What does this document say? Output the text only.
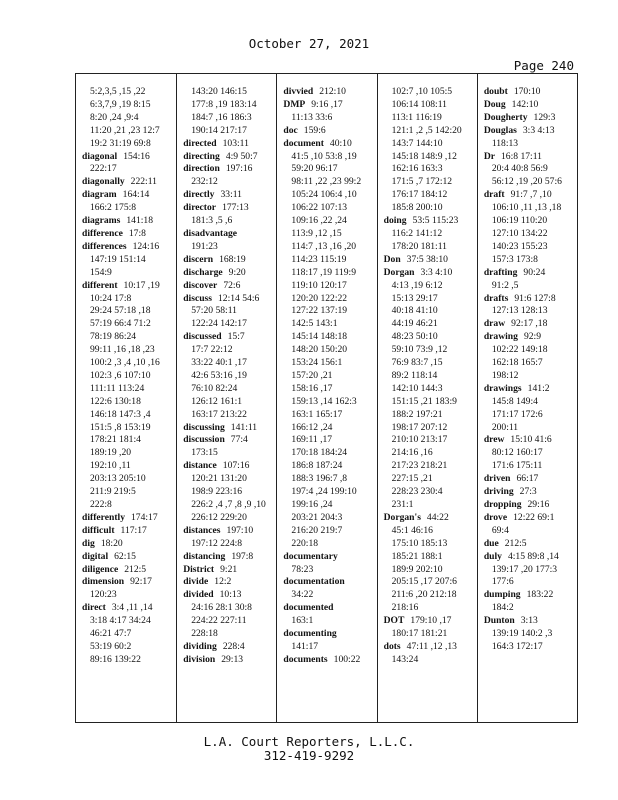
October 27, 2021
Page 240
5:2,3,5 ,15 ,22
6:3,7,9 ,19 8:15
8:20 ,24 ,9:4
11:20 ,21 ,23 12:7
19:2 31:19 69:8
diagonal 154:16
222:17
diagonally 222:11
diagram 164:14
166:2 175:8
diagrams 141:18
difference 17:8
differences 124:16
147:19 151:14
154:9
different 10:17 ,19
10:24 17:8
29:24 57:18 ,18
57:19 66:4 71:2
78:19 86:24
99:11 ,16 ,18 ,23
100:2 ,3 ,4 ,10 ,16
102:3 ,6 107:10
111:11 113:24
122:6 130:18
146:18 147:3 ,4
151:5 ,8 153:19
178:21 181:4
189:19 ,20
192:10 ,11
203:13 205:10
211:9 219:5
222:8
differently 174:17
difficult 117:17
dig 18:20
digital 62:15
diligence 212:5
dimension 92:17
120:23
direct 3:4 ,11 ,14
3:18 4:17 34:24
46:21 47:7
53:19 60:2
89:16 139:22
143:20 146:15
177:8 ,19 183:14
184:7 ,16 186:3
190:14 217:17
directed 103:11
directing 4:9 50:7
direction 197:16
232:12
directly 33:11
director 177:13
181:3 ,5 ,6
disadvantage
191:23
discern 168:19
discharge 9:20
discover 72:6
discuss 12:14 54:6
57:20 58:11
122:24 142:17
discussed 15:7
17:7 22:12
33:22 40:1 ,17
42:6 53:16 ,19
76:10 82:24
126:12 161:1
163:17 213:22
discussing 141:11
discussion 77:4
173:15
distance 107:16
120:21 131:20
198:9 223:16
226:2 ,4 ,7 ,8 ,9 ,10
226:12 229:20
distances 197:10
197:12 224:8
distancing 197:8
District 9:21
divide 12:2
divided 10:13
24:16 28:1 30:8
224:22 227:11
228:18
dividing 228:4
division 29:13
divvied 212:10
DMP 9:16 ,17
11:13 33:6
doc 159:6
document 40:10
41:5 ,10 53:8 ,19
59:20 96:17
98:11 ,22 ,23 99:2
105:24 106:4 ,10
106:22 107:13
109:16 ,22 ,24
113:9 ,12 ,15
114:7 ,13 ,16 ,20
114:23 115:19
118:17 ,19 119:9
119:10 120:17
120:20 122:22
127:22 137:19
142:5 143:1
145:14 148:18
148:20 150:20
153:24 156:1
157:20 ,21
158:16 ,17
159:13 ,14 162:3
163:1 165:17
166:12 ,24
169:11 ,17
170:18 184:24
186:8 187:24
188:3 196:7 ,8
197:4 ,24 199:10
199:16 ,24
203:21 204:3
216:20 219:7
220:18
documentary
78:23
documentation
34:22
documented
163:1
documenting
141:17
documents 100:22
102:7 ,10 105:5
106:14 108:11
113:1 116:19
121:1 ,2 ,5 142:20
143:7 144:10
145:18 148:9 ,12
162:16 163:3
171:5 ,7 172:12
176:17 184:12
185:8 200:10
doing 53:5 115:23
116:2 141:12
178:20 181:11
Don 37:5 38:10
Dorgan 3:3 4:10
4:13 ,19 6:12
15:13 29:17
40:18 41:10
44:19 46:21
48:23 50:10
59:10 73:9 ,12
76:9 83:7 ,15
89:2 118:14
142:10 144:3
151:15 ,21 183:9
188:2 197:21
198:17 207:12
210:10 213:17
214:16 ,16
217:23 218:21
227:15 ,21
228:23 230:4
231:1
Dorgan's 44:22
45:1 46:16
175:10 185:13
185:21 188:1
189:9 202:10
205:15 ,17 207:6
211:6 ,20 212:18
218:16
DOT 179:10 ,17
180:17 181:21
dots 47:11 ,12 ,13
143:24
doubt 170:10
Doug 142:10
Dougherty 129:3
Douglas 3:3 4:13
118:13
Dr 16:8 17:11
20:4 40:8 56:9
56:12 ,19 ,20 57:6
draft 91:7 ,7 ,10
106:10 ,11 ,13 ,18
106:19 110:20
127:10 134:22
140:23 155:23
157:3 173:8
drafting 90:24
91:2 ,5
drafts 91:6 127:8
127:13 128:13
draw 92:17 ,18
drawing 92:9
102:22 149:18
162:18 165:7
198:12
drawings 141:2
145:8 149:4
171:17 172:6
200:11
drew 15:10 41:6
80:12 160:17
171:6 175:11
driven 66:17
driving 27:3
dropping 29:16
drove 12:22 69:1
69:4
due 212:5
duly 4:15 89:8 ,14
139:17 ,20 177:3
177:6
dumping 183:22
184:2
Dunton 3:13
139:19 140:2 ,3
164:3 172:17
L.A. Court Reporters, L.L.C.
312-419-9292
